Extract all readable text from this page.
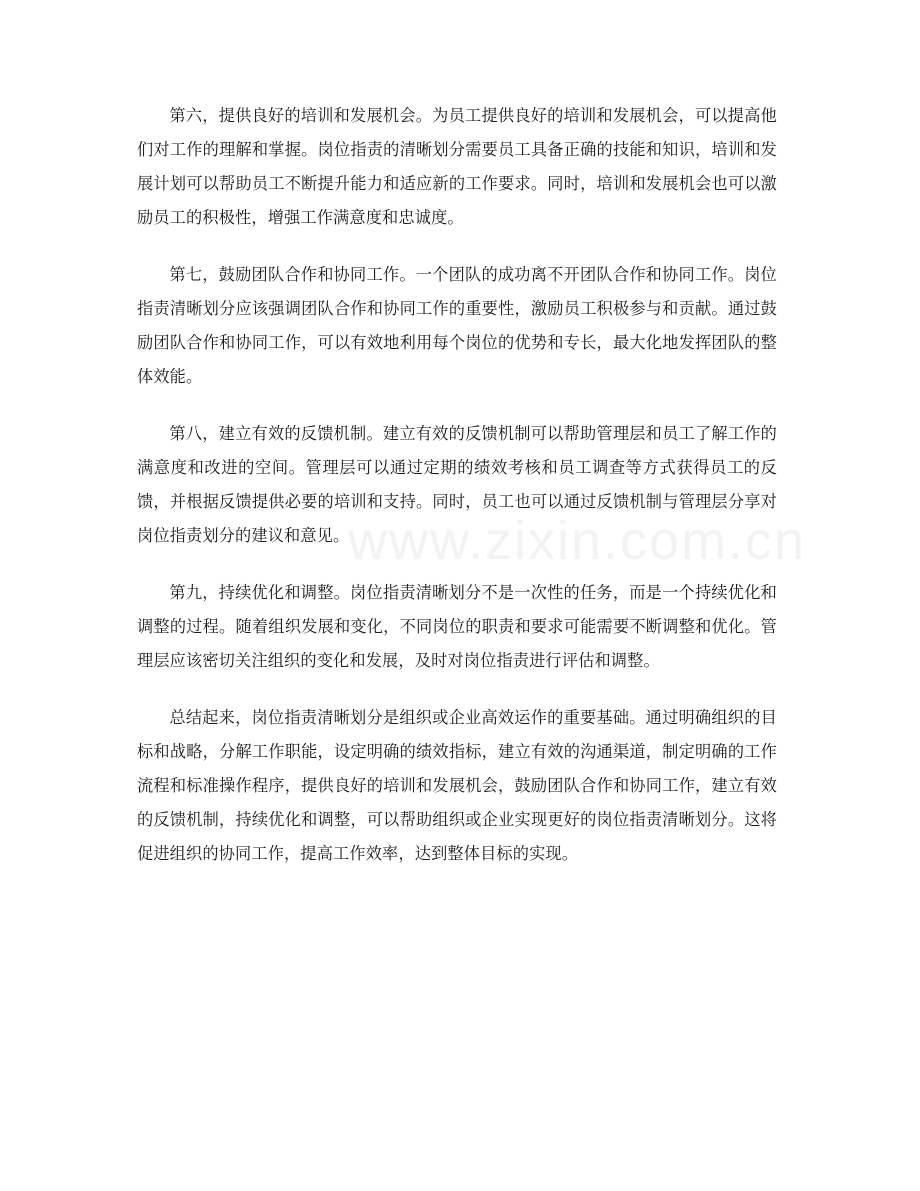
第六，提供良好的培训和发展机会。为员工提供良好的培训和发展机会，可以提高他们对工作的理解和掌握。岗位指责的清晰划分需要员工具备正确的技能和知识，培训和发展计划可以帮助员工不断提升能力和适应新的工作要求。同时，培训和发展机会也可以激励员工的积极性，增强工作满意度和忠诚度。

第七，鼓励团队合作和协同工作。一个团队的成功离不开团队合作和协同工作。岗位指责清晰划分应该强调团队合作和协同工作的重要性，激励员工积极参与和贡献。通过鼓励团队合作和协同工作，可以有效地利用每个岗位的优势和专长，最大化地发挥团队的整体效能。

第八，建立有效的反馈机制。建立有效的反馈机制可以帮助管理层和员工了解工作的满意度和改进的空间。管理层可以通过定期的绩效考核和员工调查等方式获得员工的反馈，并根据反馈提供必要的培训和支持。同时，员工也可以通过反馈机制与管理层分享对岗位指责划分的建议和意见。

第九，持续优化和调整。岗位指责清晰划分不是一次性的任务，而是一个持续优化和调整的过程。随着组织发展和变化，不同岗位的职责和要求可能需要不断调整和优化。管理层应该密切关注组织的变化和发展，及时对岗位指责进行评估和调整。

总结起来，岗位指责清晰划分是组织或企业高效运作的重要基础。通过明确组织的目标和战略，分解工作职能，设定明确的绩效指标，建立有效的沟通渠道，制定明确的工作流程和标准操作程序，提供良好的培训和发展机会，鼓励团队合作和协同工作，建立有效的反馈机制，持续优化和调整，可以帮助组织或企业实现更好的岗位指责清晰划分。这将促进组织的协同工作，提高工作效率，达到整体目标的实现。

www.zixin.com.cn
